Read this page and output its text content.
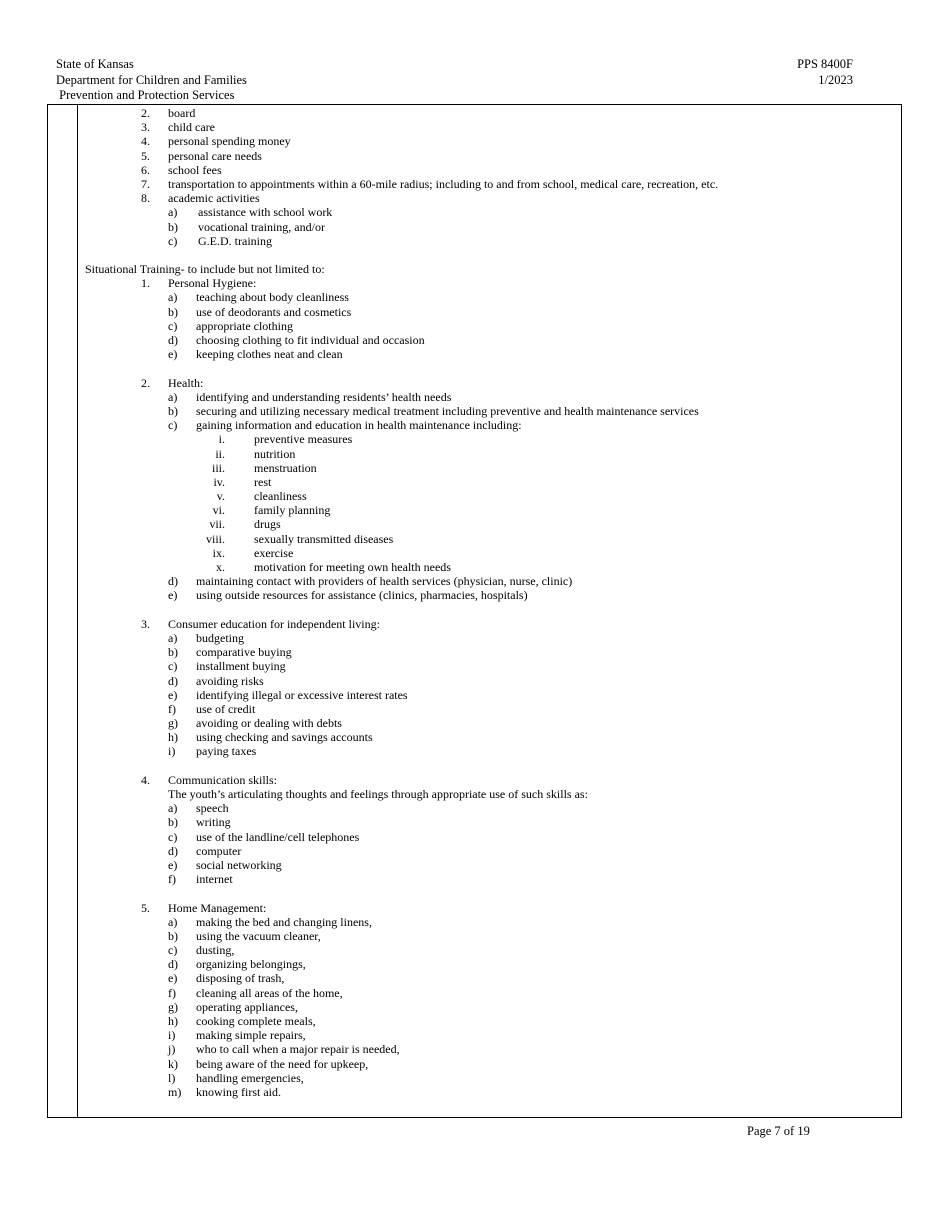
State of Kansas
Department for Children and Families
Prevention and Protection Services
PPS 8400F
1/2023
2. board
3. child care
4. personal spending money
5. personal care needs
6. school fees
7. transportation to appointments within a 60-mile radius; including to and from school, medical care, recreation, etc.
8. academic activities
a) assistance with school work
b) vocational training, and/or
c) G.E.D. training
Situational Training- to include but not limited to:
1. Personal Hygiene:
a) teaching about body cleanliness
b) use of deodorants and cosmetics
c) appropriate clothing
d) choosing clothing to fit individual and occasion
e) keeping clothes neat and clean
2. Health:
a) identifying and understanding residents’ health needs
b) securing and utilizing necessary medical treatment including preventive and health maintenance services
c) gaining information and education in health maintenance including:
i. preventive measures
ii. nutrition
iii. menstruation
iv. rest
v. cleanliness
vi. family planning
vii. drugs
viii. sexually transmitted diseases
ix. exercise
x. motivation for meeting own health needs
d) maintaining contact with providers of health services (physician, nurse, clinic)
e) using outside resources for assistance (clinics, pharmacies, hospitals)
3. Consumer education for independent living:
a) budgeting
b) comparative buying
c) installment buying
d) avoiding risks
e) identifying illegal or excessive interest rates
f) use of credit
g) avoiding or dealing with debts
h) using checking and savings accounts
i) paying taxes
4. Communication skills:
The youth’s articulating thoughts and feelings through appropriate use of such skills as:
a) speech
b) writing
c) use of the landline/cell telephones
d) computer
e) social networking
f) internet
5. Home Management:
a) making the bed and changing linens,
b) using the vacuum cleaner,
c) dusting,
d) organizing belongings,
e) disposing of trash,
f) cleaning all areas of the home,
g) operating appliances,
h) cooking complete meals,
i) making simple repairs,
j) who to call when a major repair is needed,
k) being aware of the need for upkeep,
l) handling emergencies,
m) knowing first aid.
Page 7 of 19
